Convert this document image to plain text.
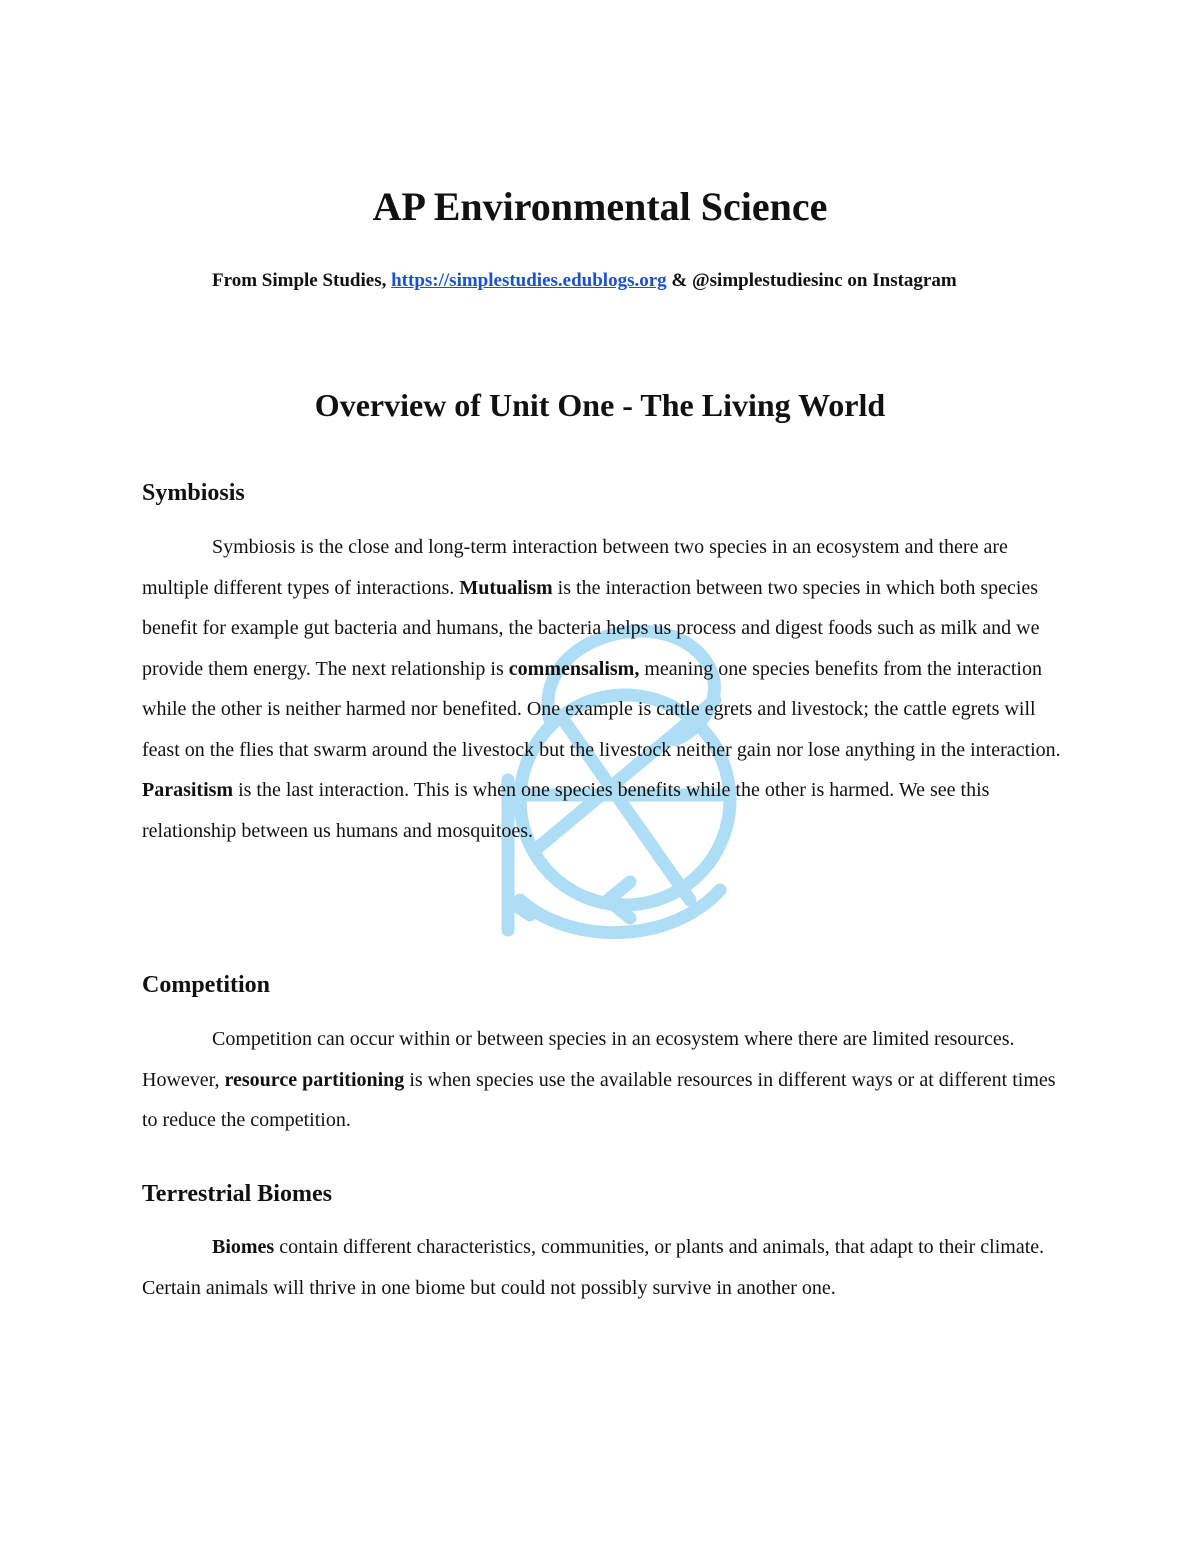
AP Environmental Science

From Simple Studies, https://simplestudies.edublogs.org & @simplestudiesinc on Instagram

Overview of Unit One - The Living World
Symbiosis

Symbiosis is the close and long-term interaction between two species in an ecosystem and there are multiple different types of interactions. Mutualism is the interaction between two species in which both species benefit for example gut bacteria and humans, the bacteria helps us process and digest foods such as milk and we provide them energy. The next relationship is commensalism, meaning one species benefits from the interaction while the other is neither harmed nor benefited. One example is cattle egrets and livestock; the cattle egrets will feast on the flies that swarm around the livestock but the livestock neither gain nor lose anything in the interaction. Parasitism is the last interaction. This is when one species benefits while the other is harmed. We see this relationship between us humans and mosquitoes.

Competition

Competition can occur within or between species in an ecosystem where there are limited resources. However, resource partitioning is when species use the available resources in different ways or at different times to reduce the competition.

Terrestrial Biomes

Biomes contain different characteristics, communities, or plants and animals, that adapt to their climate. Certain animals will thrive in one biome but could not possibly survive in another one.
